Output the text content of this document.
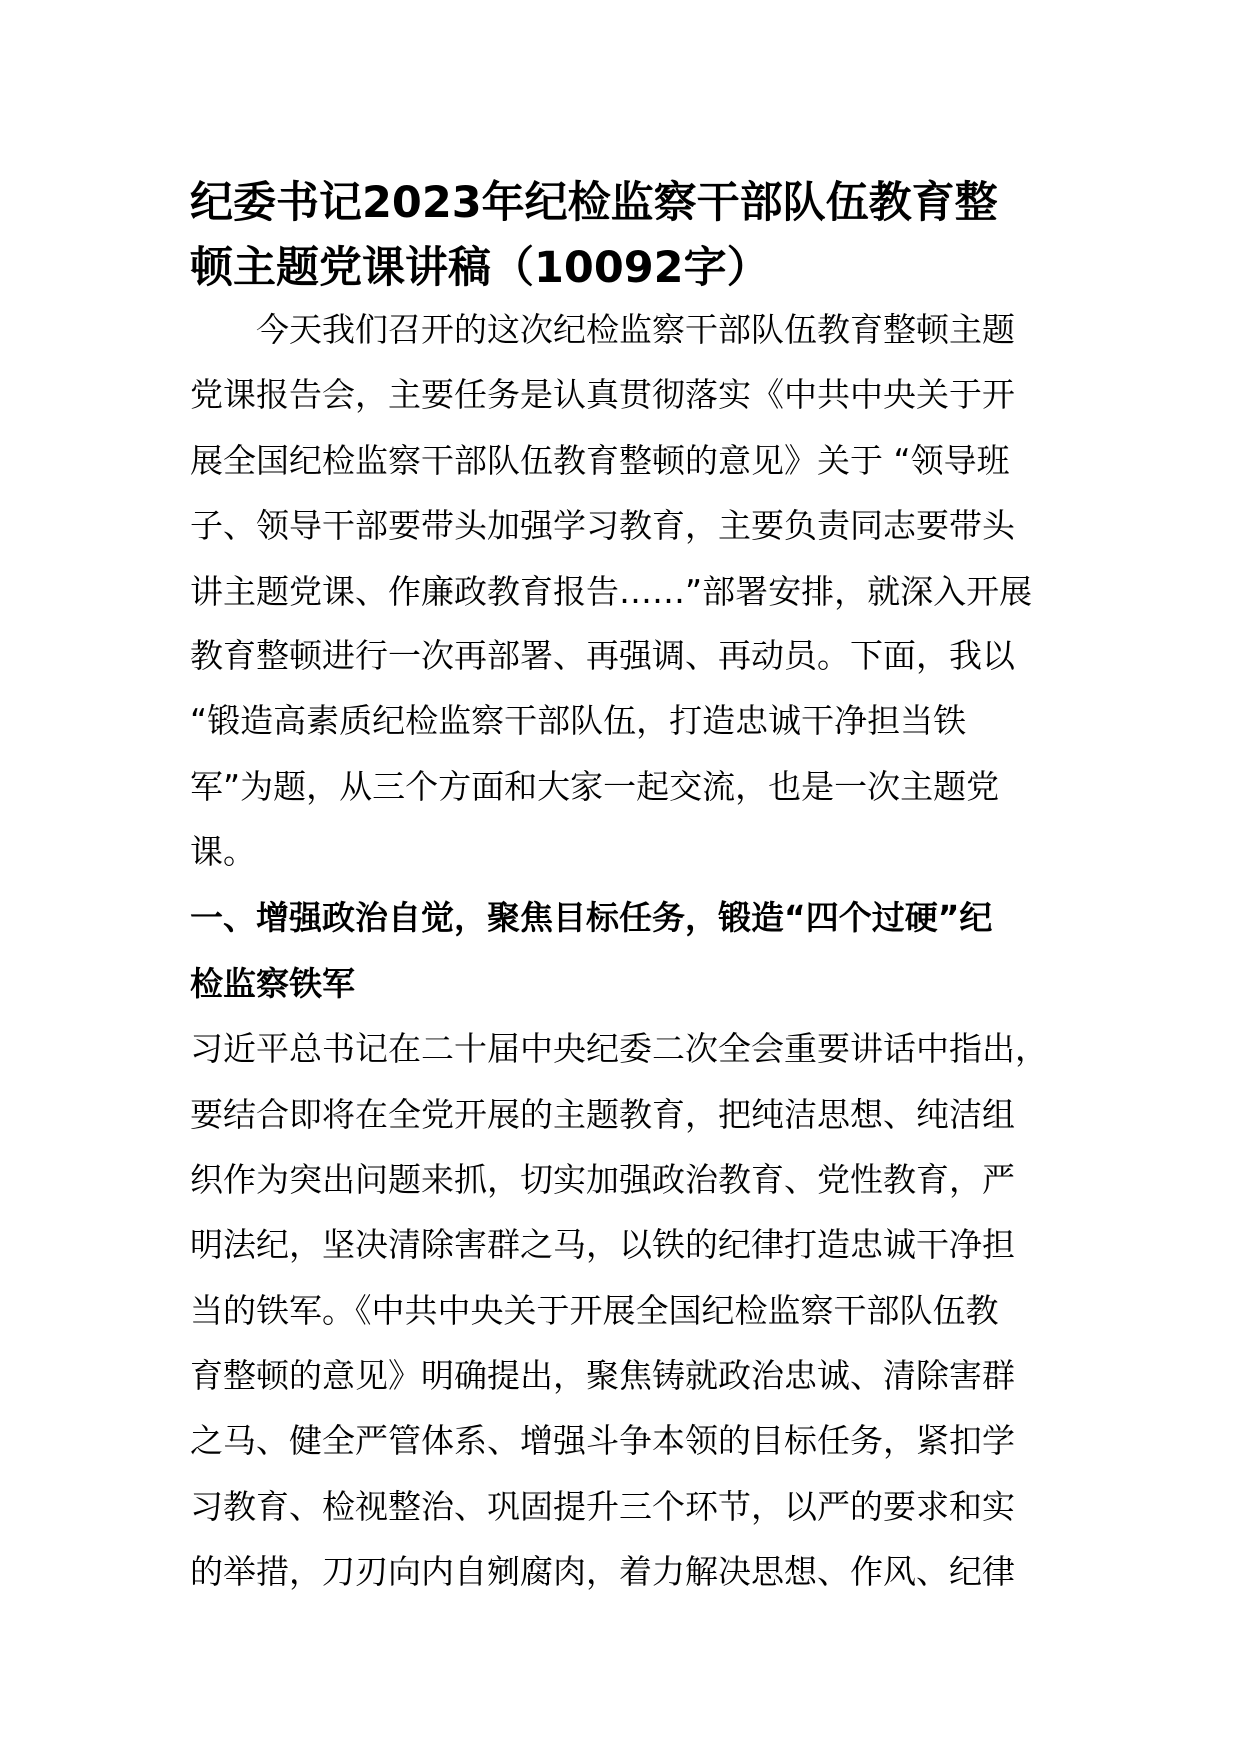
纪委书记2023年纪检监察干部队伍教育整
顿主题党课讲稿（10092字）
　　今天我们召开的这次纪检监察干部队伍教育整顿主题
党课报告会，主要任务是认真贯彻落实《中共中央关于开
展全国纪检监察干部队伍教育整顿的意见》关于 “领导班
子、领导干部要带头加强学习教育，主要负责同志要带头
讲主题党课、作廉政教育报告……”部署安排，就深入开展
教育整顿进行一次再部署、再强调、再动员。下面，我以
“锻造高素质纪检监察干部队伍，打造忠诚干净担当铁
军”为题，从三个方面和大家一起交流，也是一次主题党
课。
一、增强政治自觉，聚焦目标任务，锻造“四个过硬”纪
检监察铁军
习近平总书记在二十届中央纪委二次全会重要讲话中指出，
要结合即将在全党开展的主题教育，把纯洁思想、纯洁组
织作为突出问题来抓，切实加强政治教育、党性教育，严
明法纪，坚决清除害群之马，以铁的纪律打造忠诚干净担
当的铁军。《中共中央关于开展全国纪检监察干部队伍教
育整顿的意见》明确提出，聚焦铸就政治忠诚、清除害群
之马、健全严管体系、增强斗争本领的目标任务，紧扣学
习教育、检视整治、巩固提升三个环节，以严的要求和实
的举措，刀刃向内自剜腐肉，着力解决思想、作风、纪律
